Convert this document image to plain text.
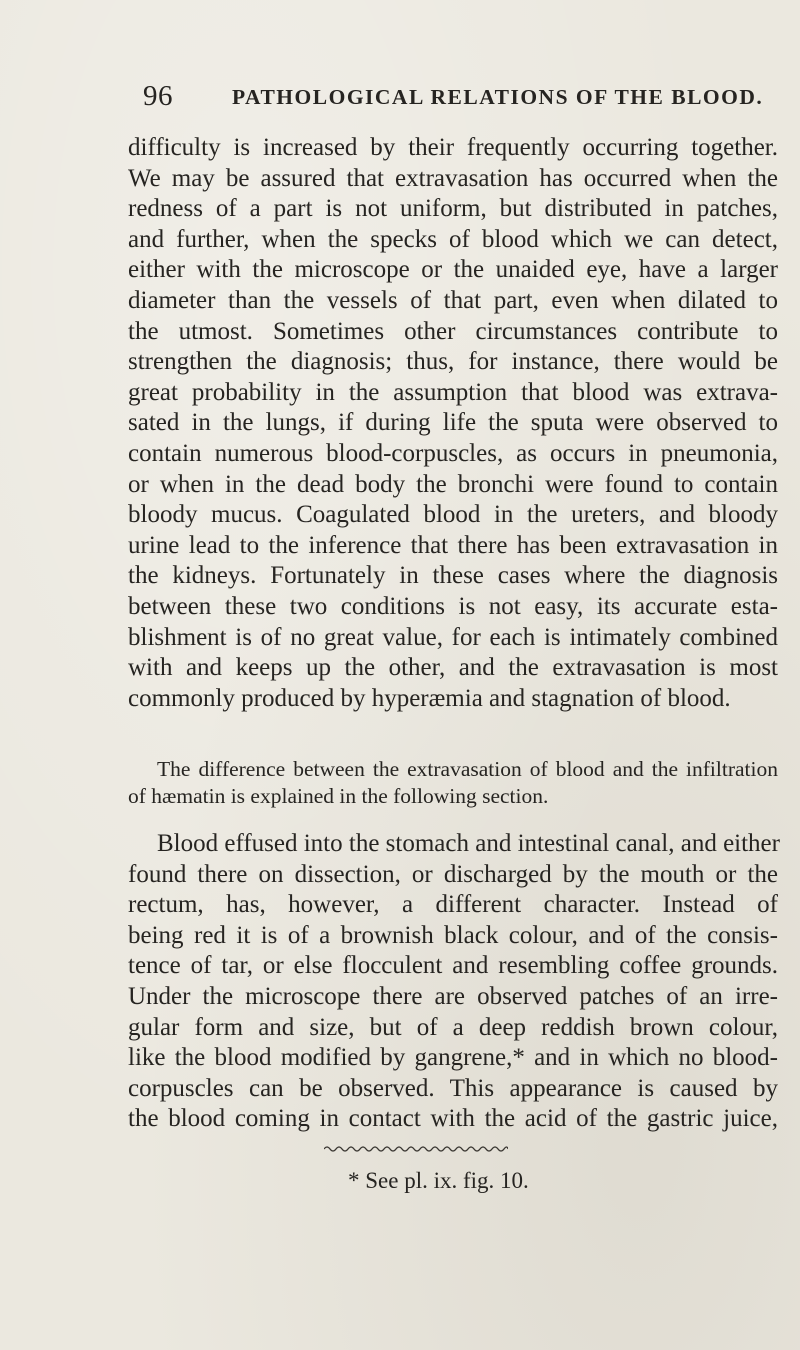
96	PATHOLOGICAL RELATIONS OF THE BLOOD.
difficulty is increased by their frequently occurring together.
We may be assured that extravasation has occurred when the
redness of a part is not uniform, but distributed in patches,
and further, when the specks of blood which we can detect,
either with the microscope or the unaided eye, have a larger
diameter than the vessels of that part, even when dilated to
the utmost. Sometimes other circumstances contribute to
strengthen the diagnosis; thus, for instance, there would be
great probability in the assumption that blood was extrava-
sated in the lungs, if during life the sputa were observed to
contain numerous blood-corpuscles, as occurs in pneumonia,
or when in the dead body the bronchi were found to contain
bloody mucus. Coagulated blood in the ureters, and bloody
urine lead to the inference that there has been extravasation in
the kidneys. Fortunately in these cases where the diagnosis
between these two conditions is not easy, its accurate esta-
blishment is of no great value, for each is intimately combined
with and keeps up the other, and the extravasation is most
commonly produced by hyperæmia and stagnation of blood.
The difference between the extravasation of blood and the infiltration
of hæmatin is explained in the following section.
Blood effused into the stomach and intestinal canal, and either
found there on dissection, or discharged by the mouth or the
rectum, has, however, a different character. Instead of
being red it is of a brownish black colour, and of the consis-
tence of tar, or else flocculent and resembling coffee grounds.
Under the microscope there are observed patches of an irre-
gular form and size, but of a deep reddish brown colour,
like the blood modified by gangrene,* and in which no blood-
corpuscles can be observed. This appearance is caused by
the blood coming in contact with the acid of the gastric juice,
* See pl. ix. fig. 10.
